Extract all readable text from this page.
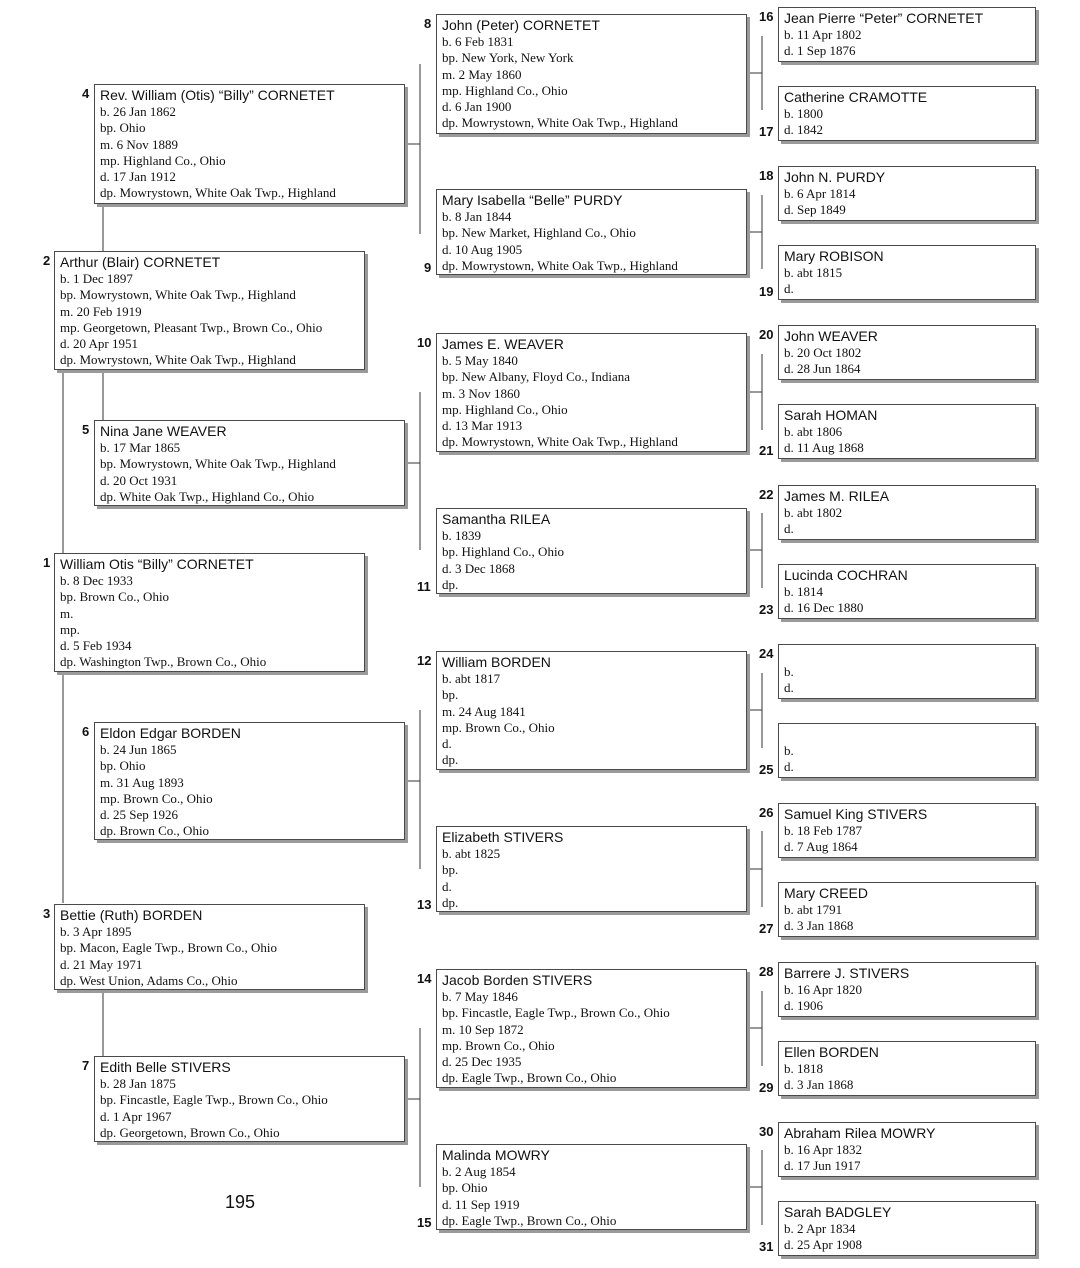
1 William Otis “Billy” CORNETET
b. 8 Dec 1933
bp. Brown Co., Ohio
m.
mp.
d. 5 Feb 1934
dp. Washington Twp., Brown Co., Ohio
2 Arthur (Blair) CORNETET
b. 1 Dec 1897
bp. Mowrystown, White Oak Twp., Highland
m. 20 Feb 1919
mp. Georgetown, Pleasant Twp., Brown Co., Ohio
d. 20 Apr 1951
dp. Mowrystown, White Oak Twp., Highland
3 Bettie (Ruth) BORDEN
b. 3 Apr 1895
bp. Macon, Eagle Twp., Brown Co., Ohio
d. 21 May 1971
dp. West Union, Adams Co., Ohio
4 Rev. William (Otis) “Billy” CORNETET
b. 26 Jan 1862
bp. Ohio
m. 6 Nov 1889
mp. Highland Co., Ohio
d. 17 Jan 1912
dp. Mowrystown, White Oak Twp., Highland
5 Nina Jane WEAVER
b. 17 Mar 1865
bp. Mowrystown, White Oak Twp., Highland
d. 20 Oct 1931
dp. White Oak Twp., Highland Co., Ohio
6 Eldon Edgar BORDEN
b. 24 Jun 1865
bp. Ohio
m. 31 Aug 1893
mp. Brown Co., Ohio
d. 25 Sep 1926
dp. Brown Co., Ohio
7 Edith Belle STIVERS
b. 28 Jan 1875
bp. Fincastle, Eagle Twp., Brown Co., Ohio
d. 1 Apr 1967
dp. Georgetown, Brown Co., Ohio
8 John (Peter) CORNETET
b. 6 Feb 1831
bp. New York, New York
m. 2 May 1860
mp. Highland Co., Ohio
d. 6 Jan 1900
dp. Mowrystown, White Oak Twp., Highland
Mary Isabella “Belle” PURDY
b. 8 Jan 1844
bp. New Market, Highland Co., Ohio
d. 10 Aug 1905
dp. Mowrystown, White Oak Twp., Highland
9
10 James E. WEAVER
b. 5 May 1840
bp. New Albany, Floyd Co., Indiana
m. 3 Nov 1860
mp. Highland Co., Ohio
d. 13 Mar 1913
dp. Mowrystown, White Oak Twp., Highland
Samantha RILEA
b. 1839
bp. Highland Co., Ohio
d. 3 Dec 1868
dp.
11
12 William BORDEN
b. abt 1817
bp.
m. 24 Aug 1841
mp. Brown Co., Ohio
d.
dp.
Elizabeth STIVERS
b. abt 1825
bp.
d.
dp.
13
14 Jacob Borden STIVERS
b. 7 May 1846
bp. Fincastle, Eagle Twp., Brown Co., Ohio
m. 10 Sep 1872
mp. Brown Co., Ohio
d. 25 Dec 1935
dp. Eagle Twp., Brown Co., Ohio
Malinda MOWRY
b. 2 Aug 1854
bp. Ohio
d. 11 Sep 1919
dp. Eagle Twp., Brown Co., Ohio
15
16 Jean Pierre “Peter” CORNETET
b. 11 Apr 1802
d. 1 Sep 1876
Catherine CRAMOTTE
b. 1800
d. 1842
17
18 John N. PURDY
b. 6 Apr 1814
d. Sep 1849
Mary ROBISON
b. abt 1815
d.
19
20 John WEAVER
b. 20 Oct 1802
d. 28 Jun 1864
Sarah HOMAN
b. abt 1806
d. 11 Aug 1868
21
22 James M. RILEA
b. abt 1802
d.
Lucinda COCHRAN
b. 1814
d. 16 Dec 1880
23
24
b.
d.
b.
d.
25
26 Samuel King STIVERS
b. 18 Feb 1787
d. 7 Aug 1864
Mary CREED
b. abt 1791
d. 3 Jan 1868
27
28 Barrere J. STIVERS
b. 16 Apr 1820
d. 1906
Ellen BORDEN
b. 1818
d. 3 Jan 1868
29
30 Abraham Rilea MOWRY
b. 16 Apr 1832
d. 17 Jun 1917
Sarah BADGLEY
b. 2 Apr 1834
d. 25 Apr 1908
31
195
